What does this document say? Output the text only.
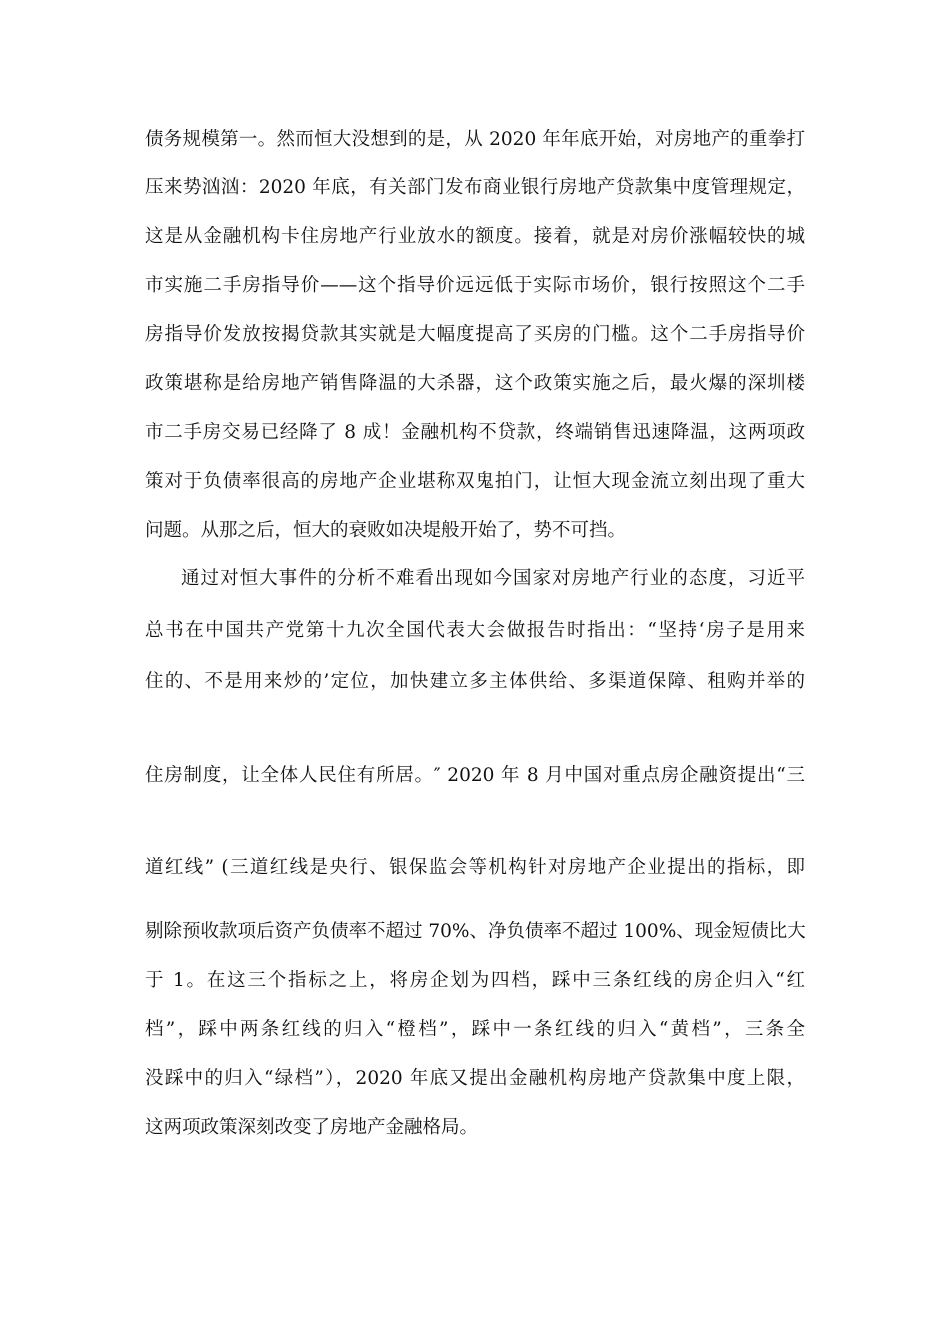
债务规模第一。然而恒大没想到的是，从 2020 年年底开始，对房地产的重拳打
压来势汹汹：2020 年底，有关部门发布商业银行房地产贷款集中度管理规定，
这是从金融机构卡住房地产行业放水的额度。接着，就是对房价涨幅较快的城
市实施二手房指导价——这个指导价远远低于实际市场价，银行按照这个二手
房指导价发放按揭贷款其实就是大幅度提高了买房的门槛。这个二手房指导价
政策堪称是给房地产销售降温的大杀器，这个政策实施之后，最火爆的深圳楼
市二手房交易已经降了 8 成！金融机构不贷款，终端销售迅速降温，这两项政
策对于负债率很高的房地产企业堪称双鬼拍门，让恒大现金流立刻出现了重大
问题。从那之后，恒大的衰败如决堤般开始了，势不可挡。
通过对恒大事件的分析不难看出现如今国家对房地产行业的态度，习近平
总书在中国共产党第十九次全国代表大会做报告时指出：“坚持‘房子是用来
住的、不是用来炒的’定位，加快建立多主体供给、多渠道保障、租购并举的
住房制度，让全体人民住有所居。″ 2020 年 8 月中国对重点房企融资提出“三
道红线” (三道红线是央行、银保监会等机构针对房地产企业提出的指标，即
剔除预收款项后资产负债率不超过 70%、净负债率不超过 100%、现金短债比大
于 1。在这三个指标之上，将房企划为四档，踩中三条红线的房企归入“红
档”，踩中两条红线的归入“橙档”，踩中一条红线的归入“黄档”，三条全
没踩中的归入“绿档”），2020 年底又提出金融机构房地产贷款集中度上限，
这两项政策深刻改变了房地产金融格局。
